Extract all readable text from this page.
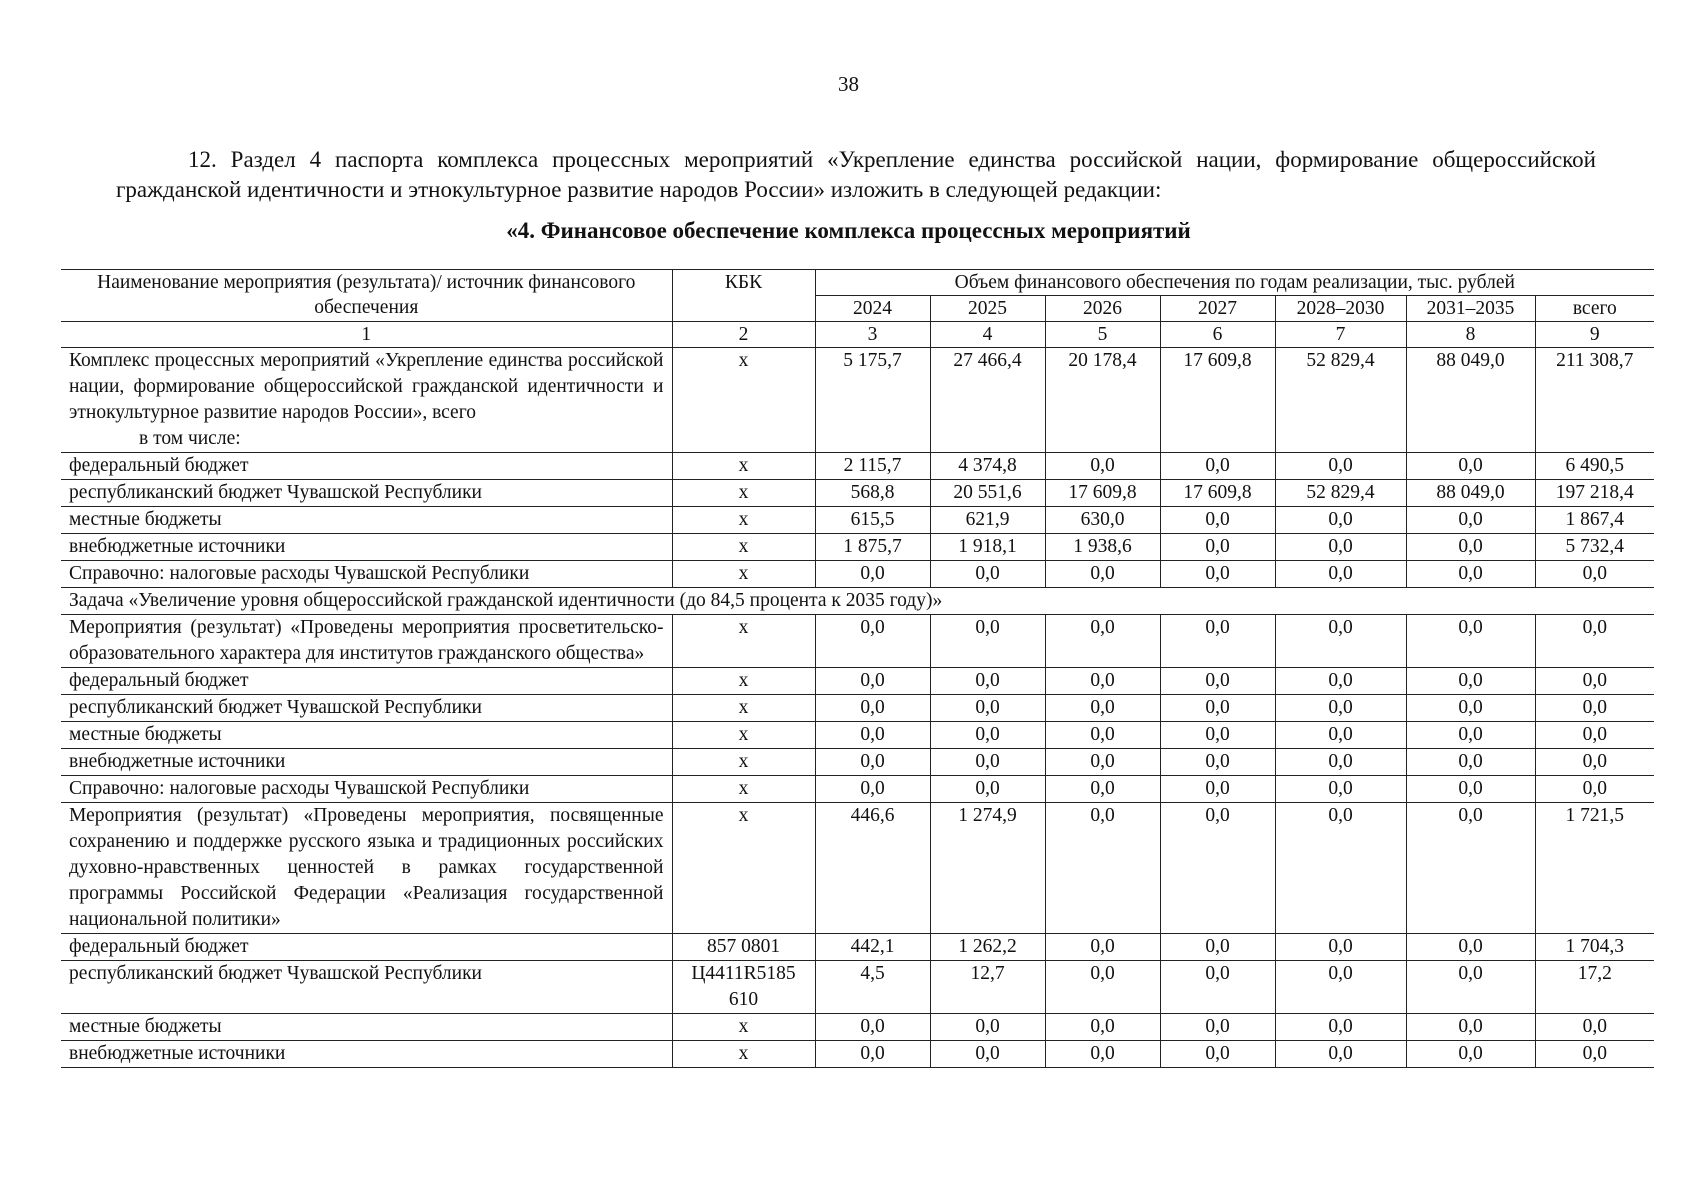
38
12. Раздел 4 паспорта комплекса процессных мероприятий «Укрепление единства российской нации, формирование общероссийской гражданской идентичности и этнокультурное развитие народов России» изложить в следующей редакции:
«4. Финансовое обеспечение комплекса процессных мероприятий
Наименование мероприятия (результата)/ источник финансового обеспечения	КБК	Объем финансового обеспечения по годам реализации, тыс. рублей						
		2024	2025	2026	2027	2028–2030	2031–2035	всего
1	2	3	4	5	6	7	8	9
Комплекс процессных мероприятий «Укрепление единства российской нации, формирование общероссийской гражданской идентичности и этнокультурное развитие народов России», всего
в том числе:	х	5 175,7	27 466,4	20 178,4	17 609,8	52 829,4	88 049,0	211 308,7
федеральный бюджет	х	2 115,7	4 374,8	0,0	0,0	0,0	0,0	6 490,5
республиканский бюджет Чувашской Республики	х	568,8	20 551,6	17 609,8	17 609,8	52 829,4	88 049,0	197 218,4
местные бюджеты	х	615,5	621,9	630,0	0,0	0,0	0,0	1 867,4
внебюджетные источники	х	1 875,7	1 918,1	1 938,6	0,0	0,0	0,0	5 732,4
Справочно: налоговые расходы Чувашской Республики	х	0,0	0,0	0,0	0,0	0,0	0,0	0,0
Задача «Увеличение уровня общероссийской гражданской идентичности (до 84,5 процента к 2035 году)»								
Мероприятия (результат) «Проведены мероприятия просветительско-образовательного характера для институтов гражданского общества»	х	0,0	0,0	0,0	0,0	0,0	0,0	0,0
федеральный бюджет	х	0,0	0,0	0,0	0,0	0,0	0,0	0,0
республиканский бюджет Чувашской Республики	х	0,0	0,0	0,0	0,0	0,0	0,0	0,0
местные бюджеты	х	0,0	0,0	0,0	0,0	0,0	0,0	0,0
внебюджетные источники	х	0,0	0,0	0,0	0,0	0,0	0,0	0,0
Справочно: налоговые расходы Чувашской Республики	х	0,0	0,0	0,0	0,0	0,0	0,0	0,0
Мероприятия (результат) «Проведены мероприятия, посвященные сохранению и поддержке русского языка и традиционных российских духовно-нравственных ценностей в рамках государственной программы Российской Федерации «Реализация государственной национальной политики»	х	446,6	1 274,9	0,0	0,0	0,0	0,0	1 721,5
федеральный бюджет	857 0801	442,1	1 262,2	0,0	0,0	0,0	0,0	1 704,3
республиканский бюджет Чувашской Республики	Ц4411R5185 610	4,5	12,7	0,0	0,0	0,0	0,0	17,2
местные бюджеты	х	0,0	0,0	0,0	0,0	0,0	0,0	0,0
внебюджетные источники	х	0,0	0,0	0,0	0,0	0,0	0,0	0,0
